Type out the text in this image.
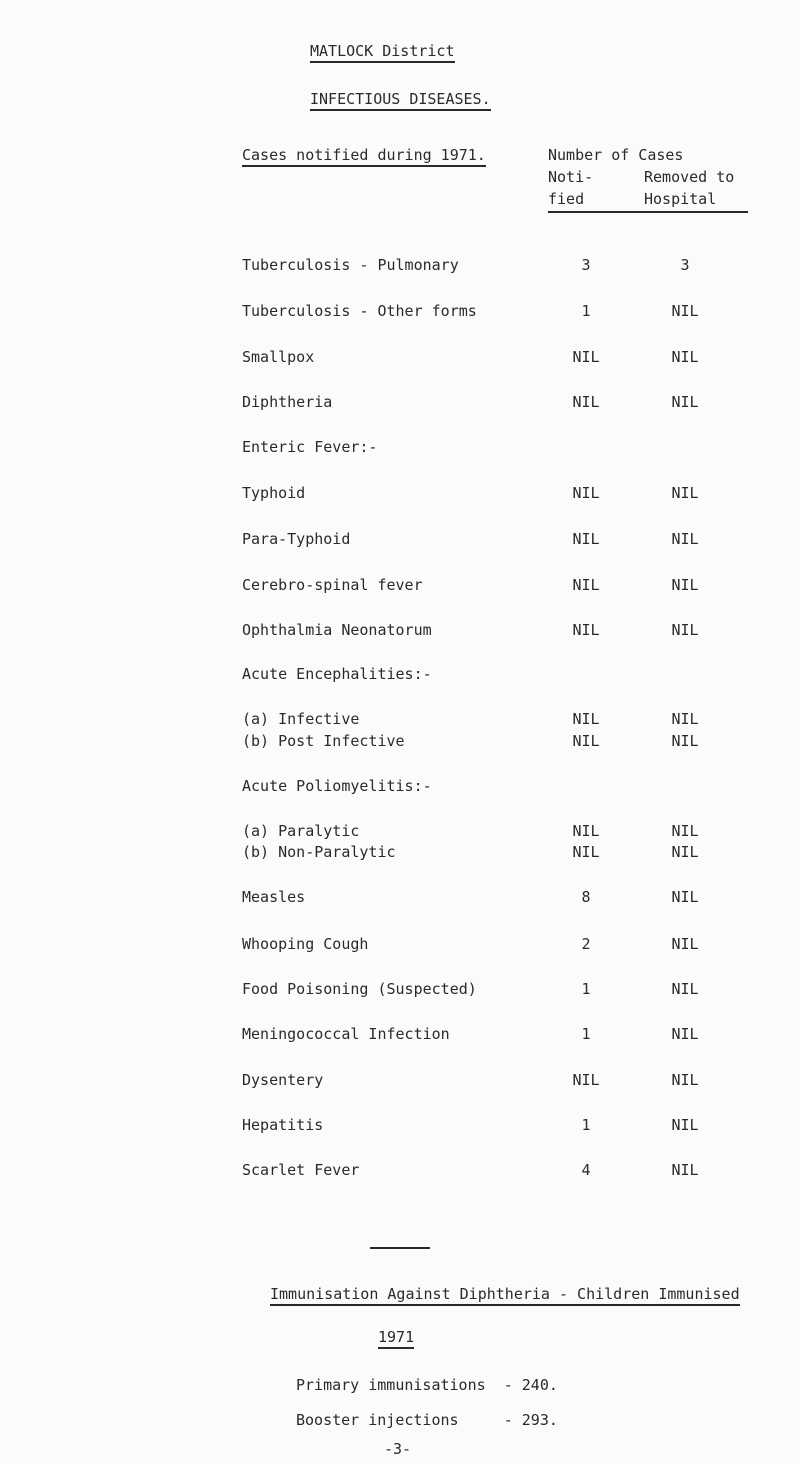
MATLOCK District
INFECTIOUS DISEASES.
Cases notified during 1971.	Number of Cases
Noti-	Removed to
fied	Hospital
Tuberculosis - Pulmonary	3	3
Tuberculosis - Other forms	1	NIL
Smallpox	NIL	NIL
Diphtheria	NIL	NIL
Enteric Fever:-
Typhoid	NIL	NIL
Para-Typhoid	NIL	NIL
Cerebro-spinal fever	NIL	NIL
Ophthalmia Neonatorum	NIL	NIL
Acute Encephalities:-
(a) Infective	NIL	NIL
(b) Post Infective	NIL	NIL
Acute Poliomyelitis:-
(a) Paralytic	NIL	NIL
(b) Non-Paralytic	NIL	NIL
Measles	8	NIL
Whooping Cough	2	NIL
Food Poisoning (Suspected)	1	NIL
Meningococcal Infection	1	NIL
Dysentery	NIL	NIL
Hepatitis	1	NIL
Scarlet Fever	4	NIL
Immunisation Against Diphtheria - Children Immunised
1971
Primary immunisations  - 240.
Booster injections     - 293.
-3-
